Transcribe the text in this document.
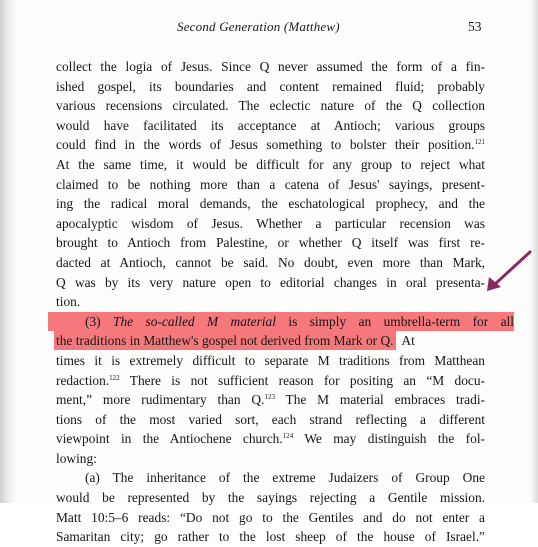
Second Generation (Matthew)	53
collect the logia of Jesus. Since Q never assumed the form of a fin-
ished gospel, its boundaries and content remained fluid; probably
various recensions circulated. The eclectic nature of the Q collection
would have facilitated its acceptance at Antioch; various groups
could find in the words of Jesus something to bolster their position.$^{121}$
At the same time, it would be difficult for any group to reject what
claimed to be nothing more than a catena of Jesus' sayings, present-
ing the radical moral demands, the eschatological prophecy, and the
apocalyptic wisdom of Jesus. Whether a particular recension was
brought to Antioch from Palestine, or whether Q itself was first re-
dacted at Antioch, cannot be said. No doubt, even more than Mark,
Q was by its very nature open to editorial changes in oral presenta-
tion.
(3) The so-called M material is simply an umbrella-term for all
the traditions in Matthew's gospel not derived from Mark or Q. At
times it is extremely difficult to separate M traditions from Matthean
redaction.$^{122}$ There is not sufficient reason for positing an “M docu-
ment,” more rudimentary than Q.$^{123}$ The M material embraces tradi-
tions of the most varied sort, each strand reflecting a different
viewpoint in the Antiochene church.$^{124}$ We may distinguish the fol-
lowing:
(a) The inheritance of the extreme Judaizers of Group One
would be represented by the sayings rejecting a Gentile mission.
Matt 10:5–6 reads: “Do not go to the Gentiles and do not enter a
Samaritan city; go rather to the lost sheep of the house of Israel.”
